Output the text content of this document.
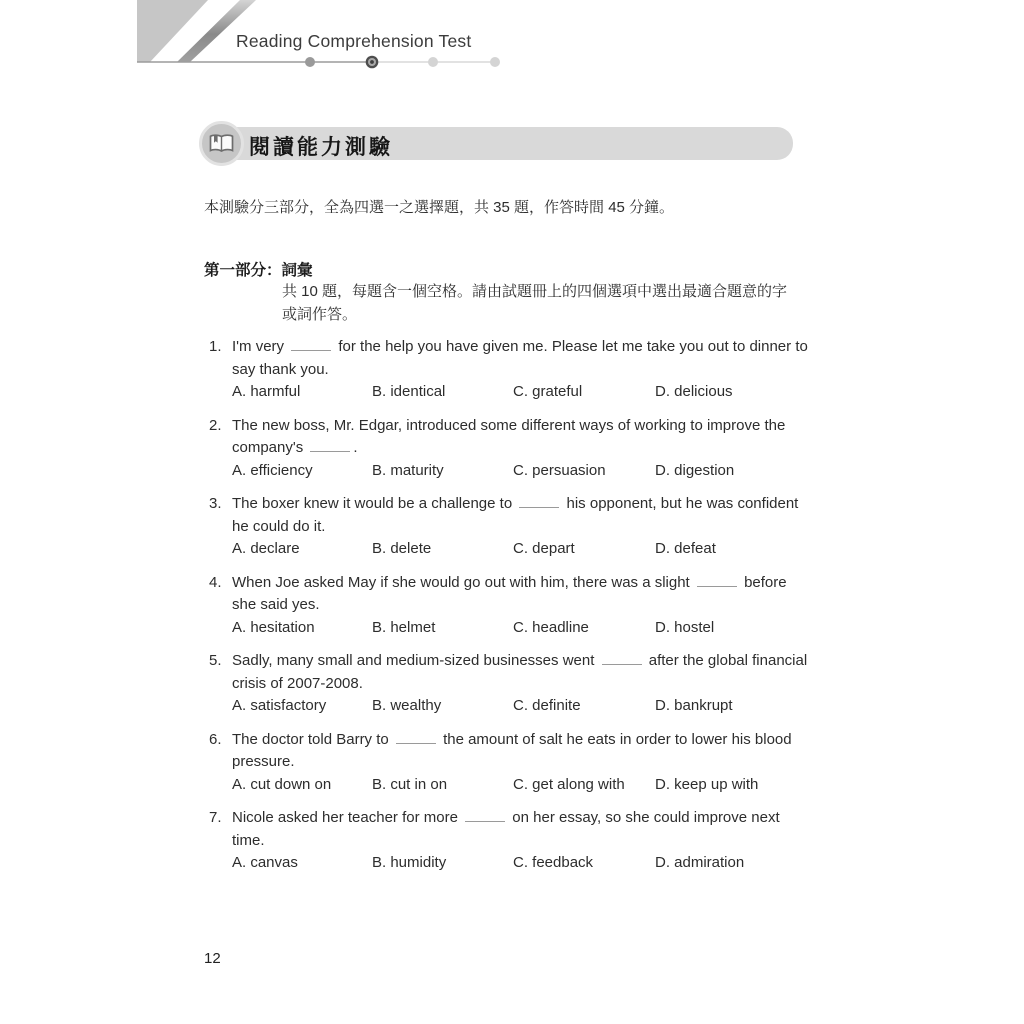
Reading Comprehension Test
閱讀能力測驗
本測驗分三部分，全為四選一之選擇題，共 35 題，作答時間 45 分鐘。
第一部分：詞彙
共 10 題，每題含一個空格。請由試題冊上的四個選項中選出最適合題意的字或詞作答。
1. I'm very	for the help you have given me. Please let me take you out to dinner to
say thank you.
A. harmful	B. identical	C. grateful	D. delicious
2. The new boss, Mr. Edgar, introduced some different ways of working to improve the
company's	.
A. efficiency	B. maturity	C. persuasion	D. digestion
3. The boxer knew it would be a challenge to	his opponent, but he was confident
he could do it.
A. declare	B. delete	C. depart	D. defeat
4. When Joe asked May if she would go out with him, there was a slight	before
she said yes.
A. hesitation	B. helmet	C. headline	D. hostel
5. Sadly, many small and medium-sized businesses went	after the global financial
crisis of 2007-2008.
A. satisfactory	B. wealthy	C. definite	D. bankrupt
6. The doctor told Barry to	the amount of salt he eats in order to lower his blood
pressure.
A. cut down on	B. cut in on	C. get along with	D. keep up with
7. Nicole asked her teacher for more	on her essay, so she could improve next
time.
A. canvas	B. humidity	C. feedback	D. admiration
12
